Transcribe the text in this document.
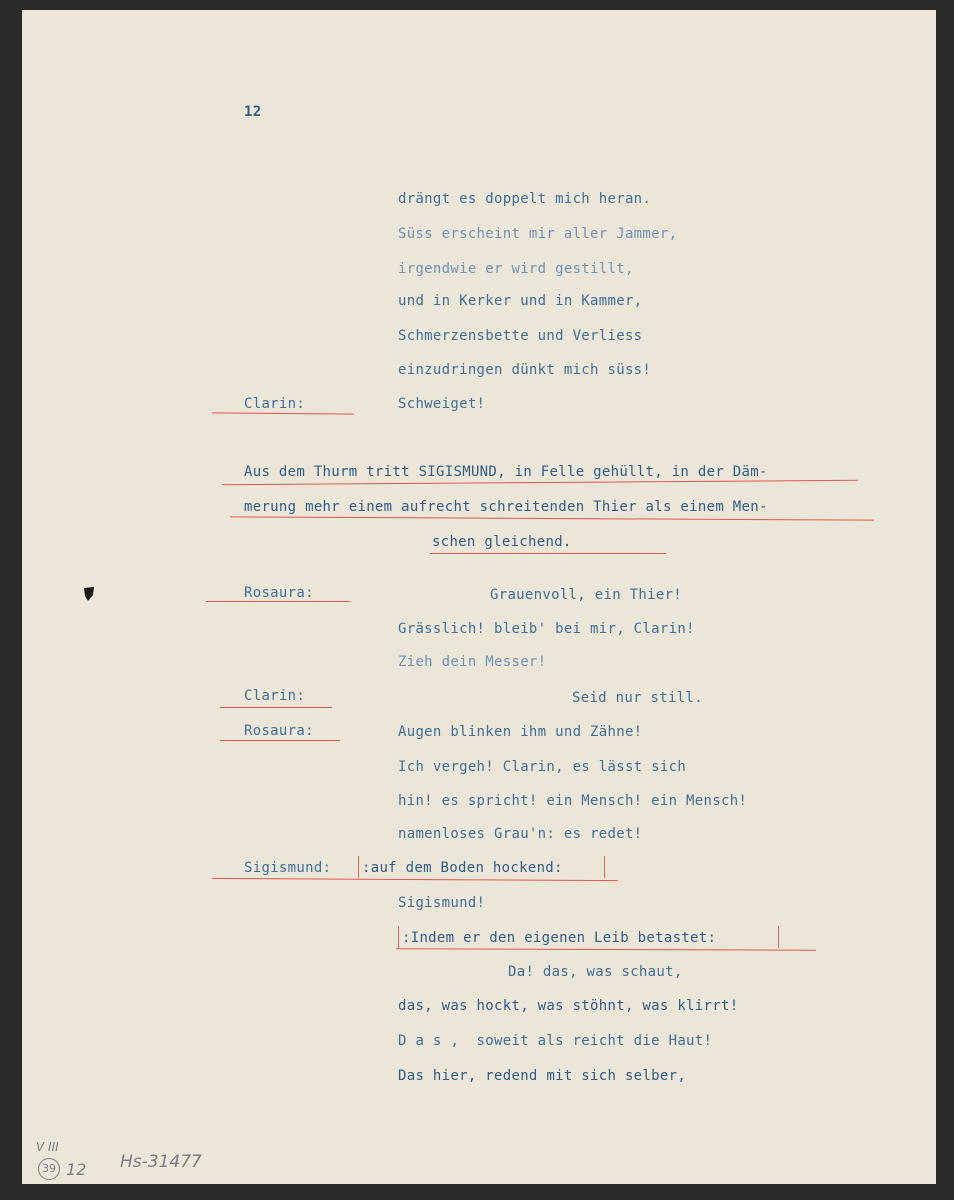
12
drängt es doppelt mich heran.
Süss erscheint mir aller Jammer,
irgendwie er wird gestillt,
und in Kerker und in Kammer,
Schmerzensbette und Verliess
einzudringen dünkt mich süss!
Clarin:	Schweiget!
Aus dem Thurm tritt SIGISMUND, in Felle gehüllt, in der Däm-
merung mehr einem aufrecht schreitenden Thier als einem Men-
schen gleichend.
Rosaura:	Grauenvoll, ein Thier!
Grässlich! bleib' bei mir, Clarin!
Zieh dein Messer!
Clarin:	Seid nur still.
Rosaura:	Augen blinken ihm und Zähne!
Ich vergeh! Clarin, es lässt sich
hin! es spricht! ein Mensch! ein Mensch!
namenloses Grau'n: es redet!
Sigismund: :auf dem Boden hockend:
Sigismund!
:Indem er den eigenen Leib betastet:
Da! das, was schaut,
das, was hockt, was stöhnt, was klirrt!
D a s ,  soweit als reicht die Haut!
Das hier, redend mit sich selber,
V III
39 12 Hs-31477
